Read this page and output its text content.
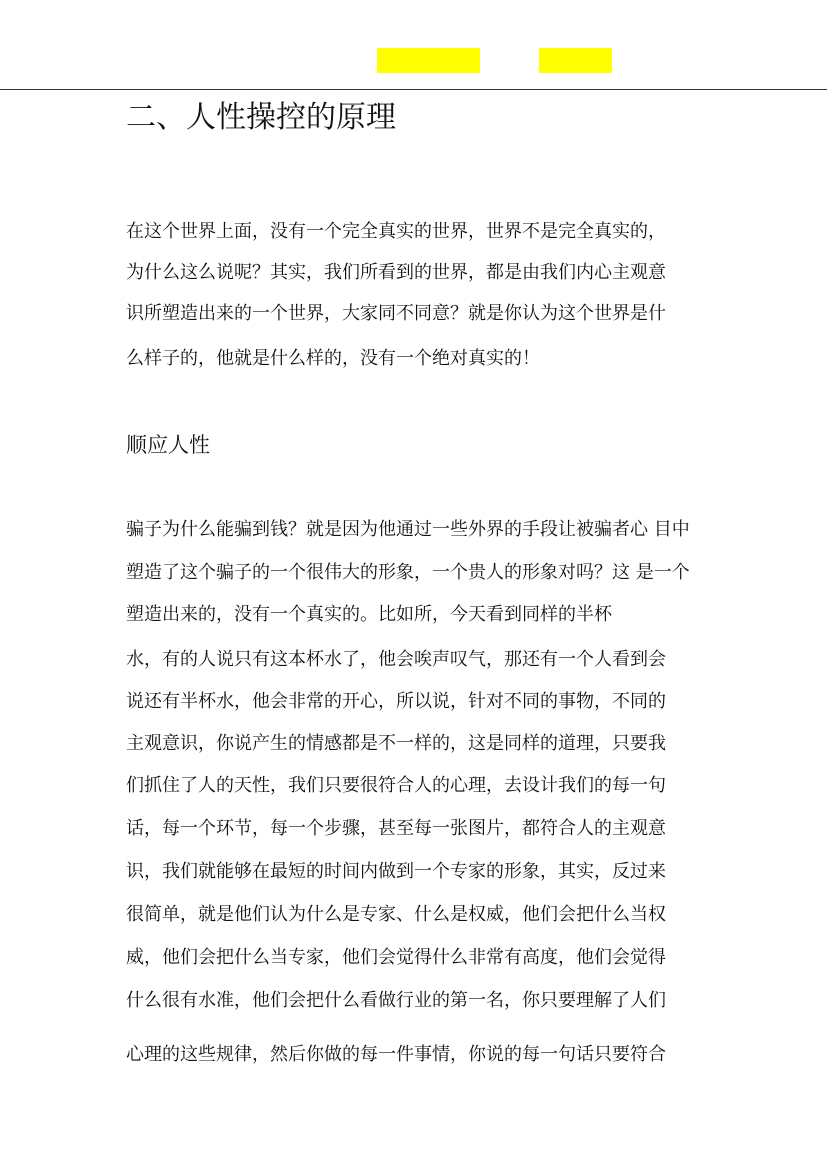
二、人性操控的原理
在这个世界上面，没有一个完全真实的世界，世界不是完全真实的，
为什么这么说呢？其实，我们所看到的世界，都是由我们内心主观意
识所塑造出来的一个世界，大家同不同意？就是你认为这个世界是什
么样子的，他就是什么样的，没有一个绝对真实的！
顺应人性
骗子为什么能骗到钱？就是因为他通过一些外界的手段让被骗者心 目中
塑造了这个骗子的一个很伟大的形象，一个贵人的形象对吗？这 是一个
塑造出来的，没有一个真实的。比如所，今天看到同样的半杯
水，有的人说只有这本杯水了，他会唉声叹气，那还有一个人看到会
说还有半杯水，他会非常的开心，所以说，针对不同的事物，不同的
主观意识，你说产生的情感都是不一样的，这是同样的道理，只要我
们抓住了人的天性，我们只要很符合人的心理，去设计我们的每一句
话，每一个环节，每一个步骤，甚至每一张图片，都符合人的主观意
识，我们就能够在最短的时间内做到一个专家的形象，其实，反过来
很简单，就是他们认为什么是专家、什么是权威，他们会把什么当权
威，他们会把什么当专家，他们会觉得什么非常有高度，他们会觉得
什么很有水准，他们会把什么看做行业的第一名，你只要理解了人们
心理的这些规律，然后你做的每一件事情，你说的每一句话只要符合
